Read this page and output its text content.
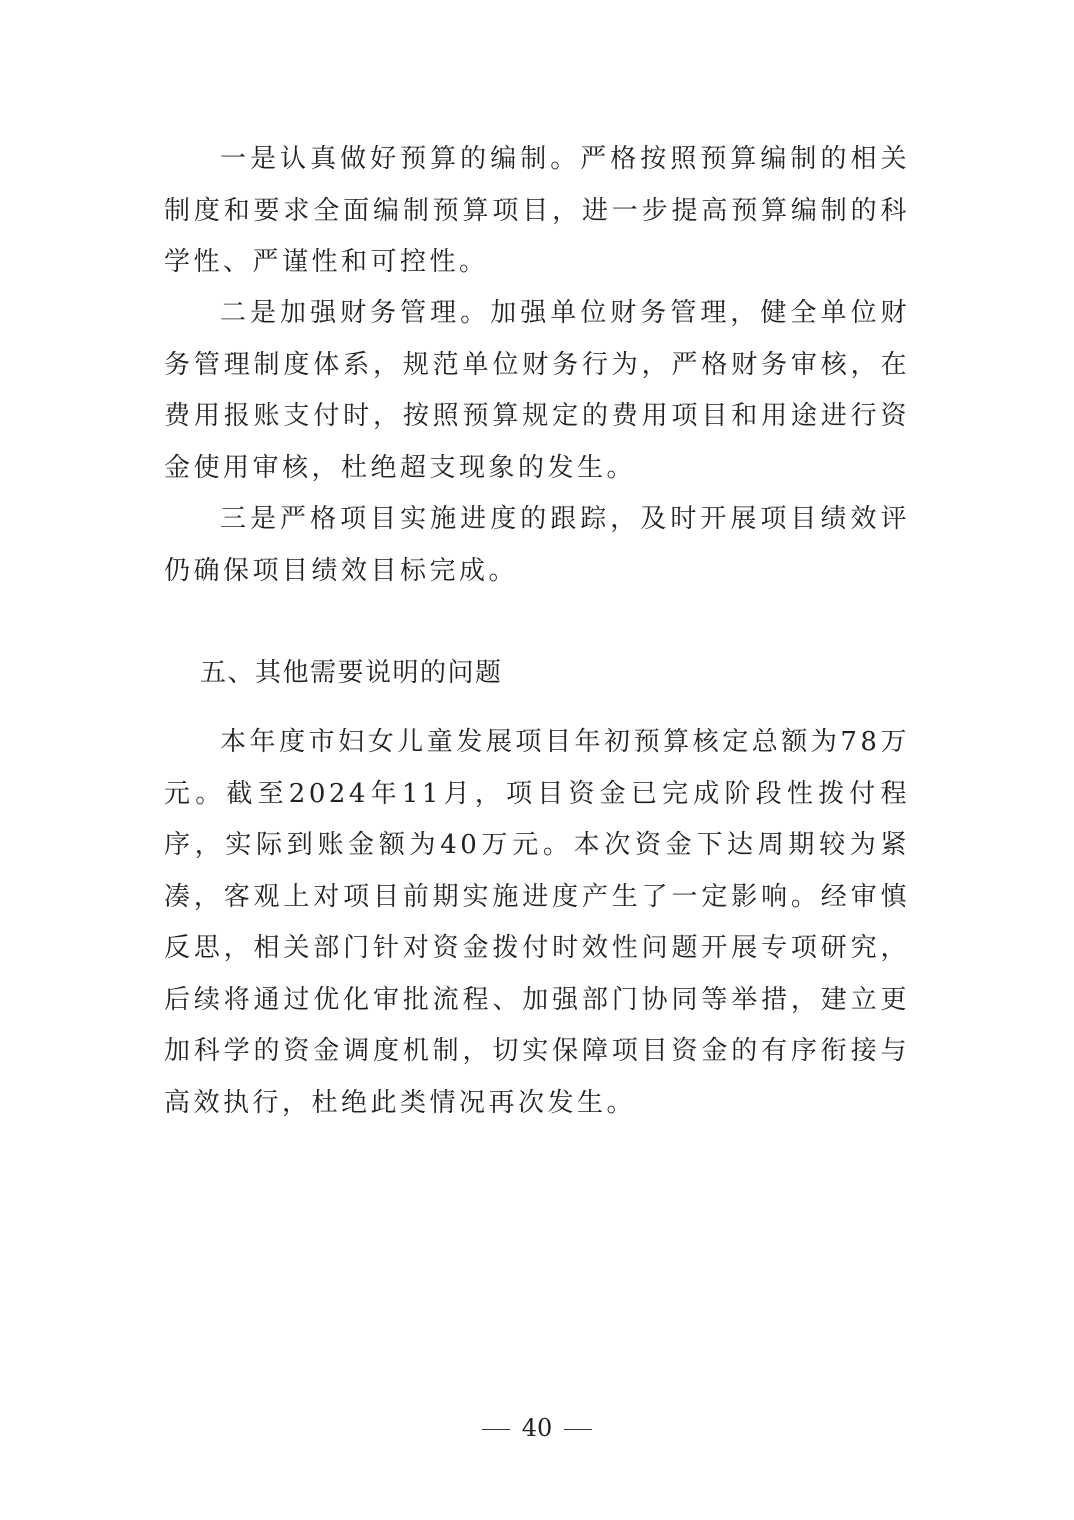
一是认真做好预算的编制。严格按照预算编制的相关制度和要求全面编制预算项目，进一步提高预算编制的科学性、严谨性和可控性。

二是加强财务管理。加强单位财务管理，健全单位财务管理制度体系，规范单位财务行为，严格财务审核，在费用报账支付时，按照预算规定的费用项目和用途进行资金使用审核，杜绝超支现象的发生。

三是严格项目实施进度的跟踪，及时开展项目绩效评仍确保项目绩效目标完成。

五、其他需要说明的问题

本年度市妇女儿童发展项目年初预算核定总额为78万元。截至2024年11月，项目资金已完成阶段性拨付程序，实际到账金额为40万元。本次资金下达周期较为紧凑，客观上对项目前期实施进度产生了一定影响。经审慎反思，相关部门针对资金拨付时效性问题开展专项研究，后续将通过优化审批流程、加强部门协同等举措，建立更加科学的资金调度机制，切实保障项目资金的有序衔接与高效执行，杜绝此类情况再次发生。

40
